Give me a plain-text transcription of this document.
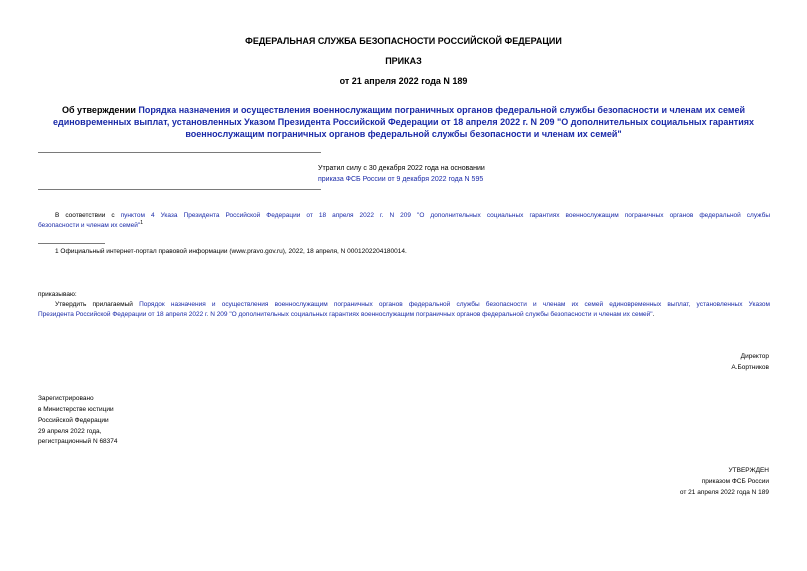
ФЕДЕРАЛЬНАЯ СЛУЖБА БЕЗОПАСНОСТИ РОССИЙСКОЙ ФЕДЕРАЦИИ
ПРИКАЗ
от 21 апреля 2022 года N 189
Об утверждении Порядка назначения и осуществления военнослужащим пограничных органов федеральной службы безопасности и членам их семей
единовременных выплат, установленных Указом Президента Российской Федерации от 18 апреля 2022 г. N 209 "О дополнительных социальных гарантиях
военнослужащим пограничных органов федеральной службы безопасности и членам их семей"
Утратил силу с 30 декабря 2022 года на основании
приказа ФСБ России от 9 декабря 2022 года N 595
В соответствии с пунктом 4 Указа Президента Российской Федерации от 18 апреля 2022 г. N 209 "О дополнительных социальных гарантиях военнослужащим пограничных органов федеральной службы
безопасности и членам их семей"$^1$
1 Официальный интернет-портал правовой информации (www.pravo.gov.ru), 2022, 18 апреля, N 0001202204180014.
приказываю:
Утвердить прилагаемый Порядок назначения и осуществления военнослужащим пограничных органов федеральной службы безопасности и членам их семей единовременных выплат, установленных Указом
Президента Российской Федерации от 18 апреля 2022 г. N 209 "О дополнительных социальных гарантиях военнослужащим пограничных органов федеральной службы безопасности и членам их семей".
Директор
А.Бортников
Зарегистрировано
в Министерстве юстиции
Российской Федерации
29 апреля 2022 года,
регистрационный N 68374
УТВЕРЖДЕН
приказом ФСБ России
от 21 апреля 2022 года N 189
